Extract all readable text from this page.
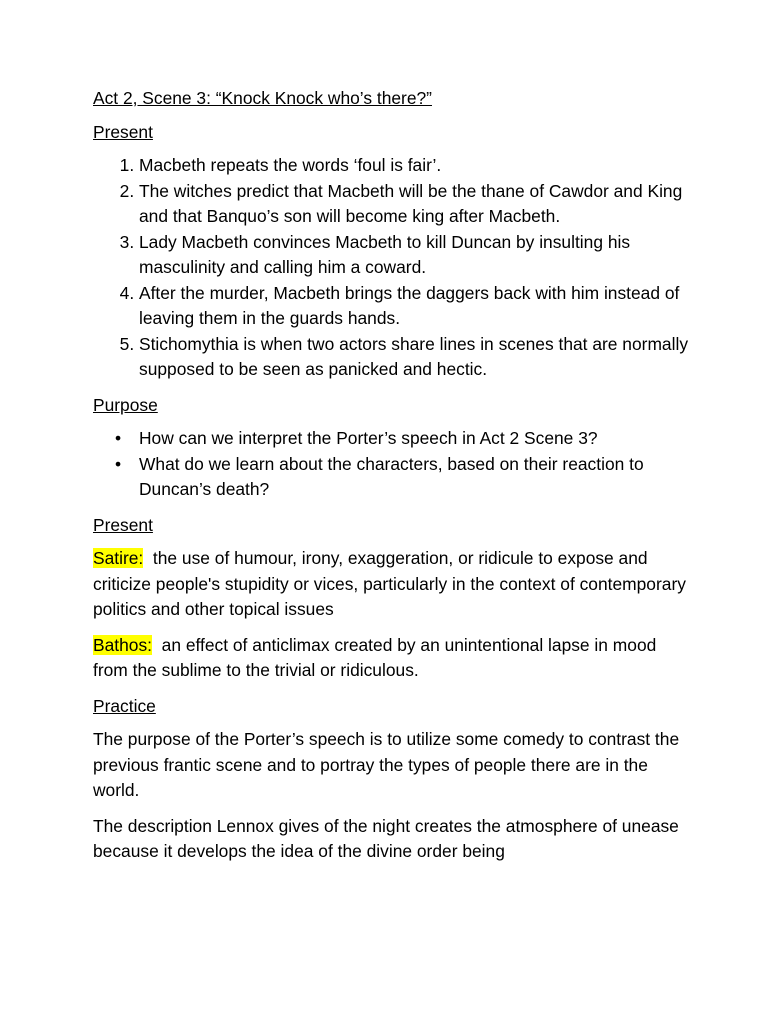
Act 2, Scene 3: “Knock Knock who’s there?”
Present
1. Macbeth repeats the words ‘foul is fair’.
2. The witches predict that Macbeth will be the thane of Cawdor and King and that Banquo’s son will become king after Macbeth.
3. Lady Macbeth convinces Macbeth to kill Duncan by insulting his masculinity and calling him a coward.
4. After the murder, Macbeth brings the daggers back with him instead of leaving them in the guards hands.
5. Stichomythia is when two actors share lines in scenes that are normally supposed to be seen as panicked and hectic.
Purpose
• How can we interpret the Porter’s speech in Act 2 Scene 3?
• What do we learn about the characters, based on their reaction to Duncan’s death?
Present

Satire:  the use of humour, irony, exaggeration, or ridicule to expose and criticize people's stupidity or vices, particularly in the context of contemporary politics and other topical issues

Bathos:  an effect of anticlimax created by an unintentional lapse in mood from the sublime to the trivial or ridiculous.

Practice

The purpose of the Porter’s speech is to utilize some comedy to contrast the previous frantic scene and to portray the types of people there are in the world.

The description Lennox gives of the night creates the atmosphere of unease because it develops the idea of the divine order being
